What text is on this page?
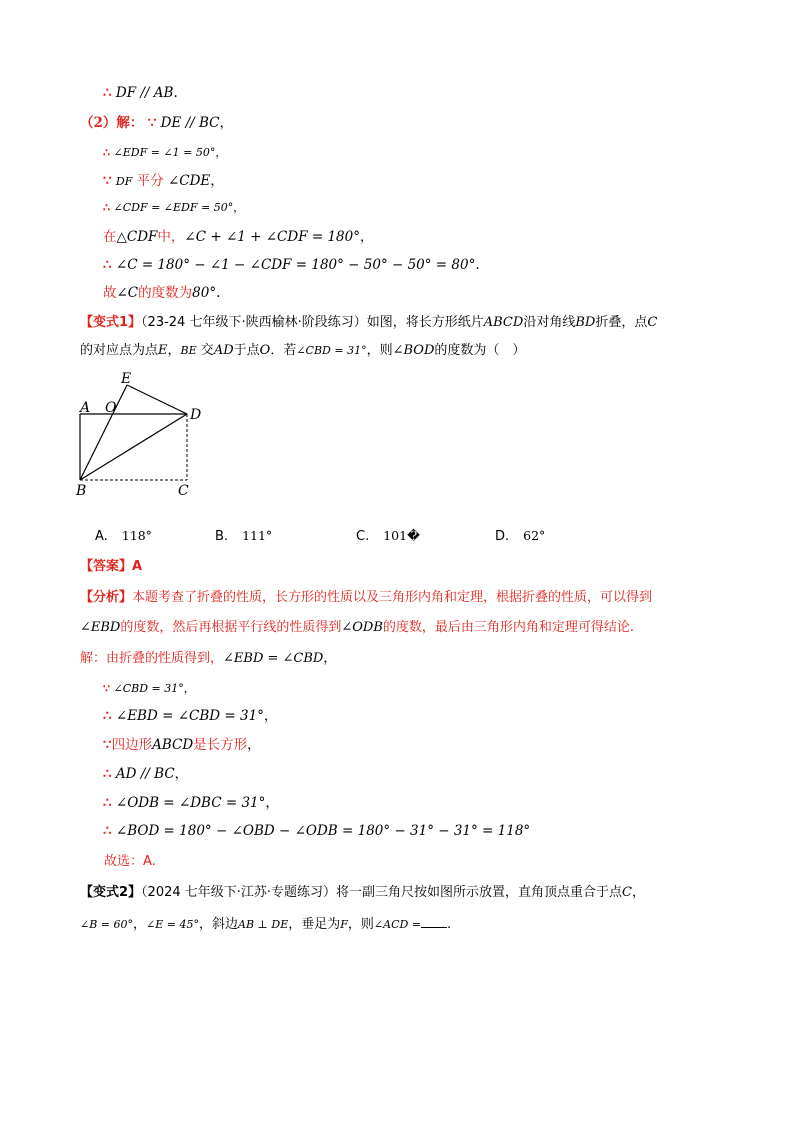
∴ DF // AB.
（2）解： ∵ DE // BC，
∴ ∠EDF = ∠1 = 50°，
∵ DF 平分 ∠CDE，
∴ ∠CDF = ∠EDF = 50°，
在△CDF中，∠C + ∠1 + ∠CDF = 180°，
∴ ∠C = 180° − ∠1 − ∠CDF = 180° − 50° − 50° = 80°.
故∠C的度数为80°.
【变式1】（23-24 七年级下·陕西榆林·阶段练习）如图，将长方形纸片ABCD沿对角线BD折叠，点C
的对应点为点E，BE 交AD于点O．若∠CBD = 31°，则∠BOD的度数为（　）
A O
E
D
B	C
A. 118°	B. 111°	C. 101�	D. 62°
【答案】A
【分析】本题考查了折叠的性质，长方形的性质以及三角形内角和定理，根据折叠的性质，可以得到
∠EBD的度数，然后再根据平行线的性质得到∠ODB的度数，最后由三角形内角和定理可得结论.
解：由折叠的性质得到，∠EBD = ∠CBD，
∵ ∠CBD = 31°，
∴ ∠EBD = ∠CBD = 31°，
∵四边形ABCD是长方形，
∴ AD // BC，
∴ ∠ODB = ∠DBC = 31°，
∴ ∠BOD = 180° − ∠OBD − ∠ODB = 180° − 31° − 31° = 118°
故选：A.
【变式2】（2024 七年级下·江苏·专题练习）将一副三角尺按如图所示放置，直角顶点重合于点C，
∠B = 60°，∠E = 45°，斜边AB ⊥ DE，垂足为F，则∠ACD = .
